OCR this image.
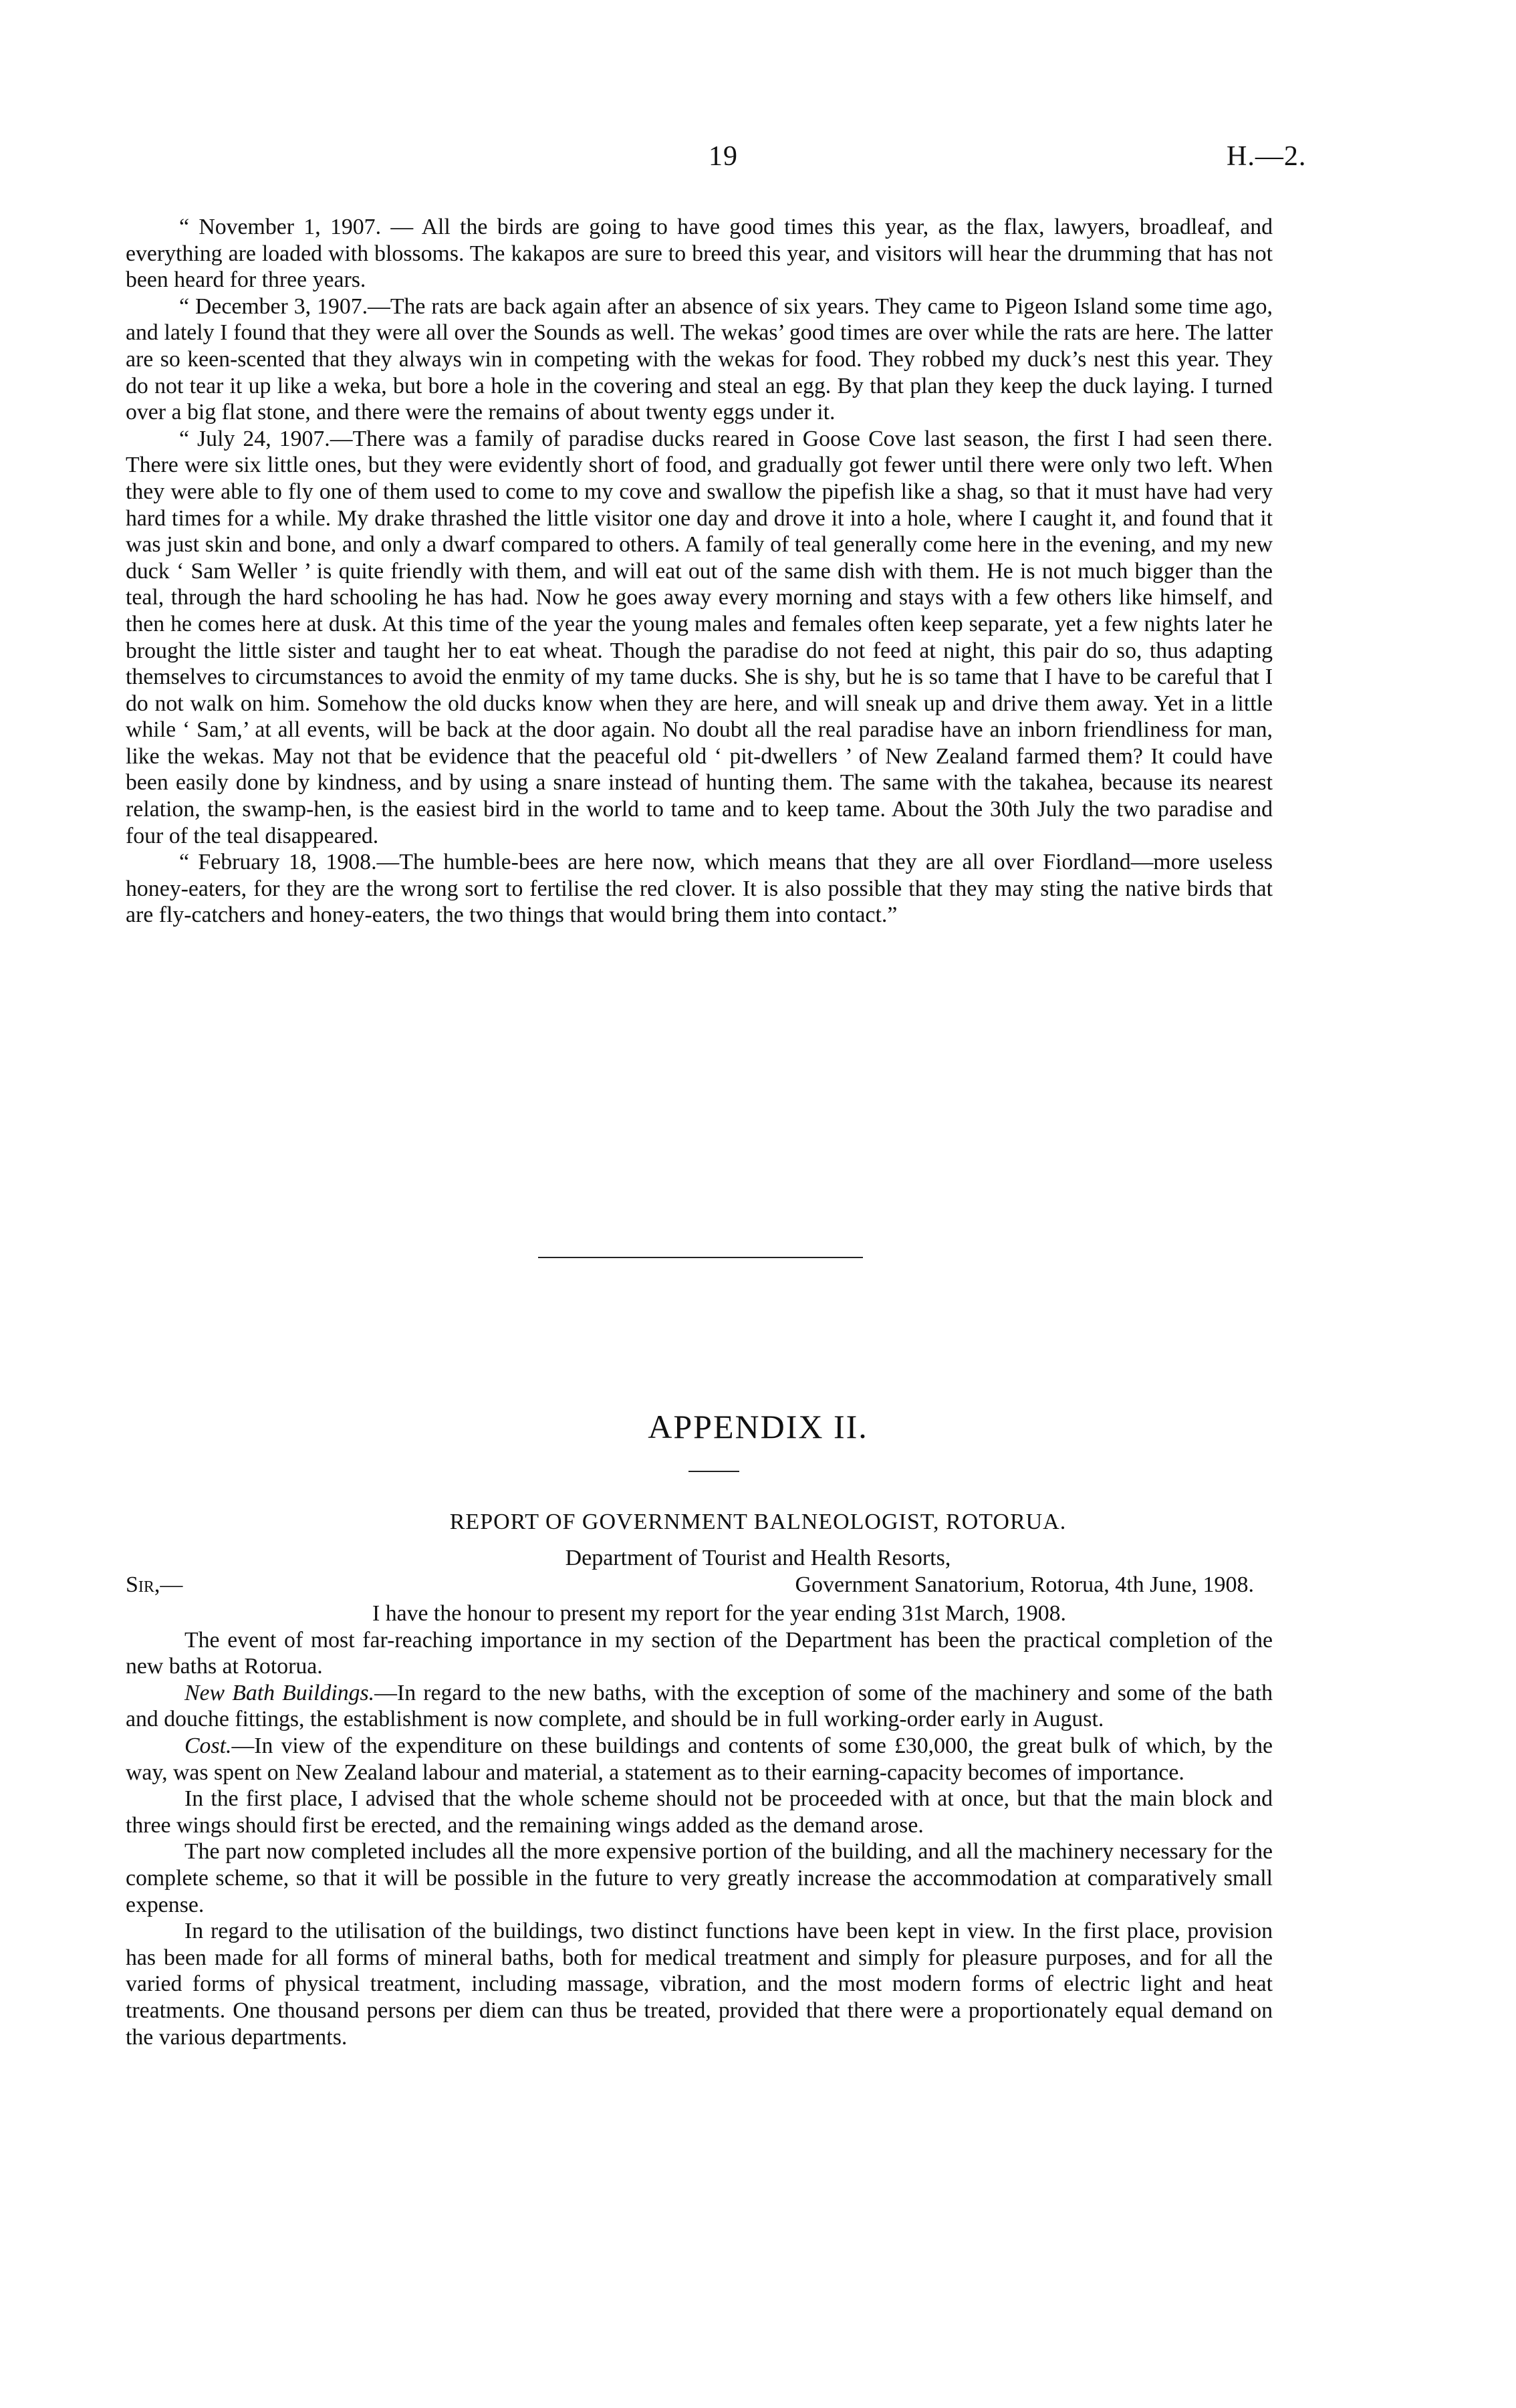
19	H.—2.

“ November 1, 1907. — All the birds are going to have good times this year, as the flax, lawyers, broadleaf, and everything are loaded with blossoms. The kakapos are sure to breed this year, and visitors will hear the drumming that has not been heard for three years.

“ December 3, 1907.—The rats are back again after an absence of six years. They came to Pigeon Island some time ago, and lately I found that they were all over the Sounds as well. The wekas’ good times are over while the rats are here. The latter are so keen-scented that they always win in competing with the wekas for food. They robbed my duck’s nest this year. They do not tear it up like a weka, but bore a hole in the covering and steal an egg. By that plan they keep the duck laying. I turned over a big flat stone, and there were the remains of about twenty eggs under it.

“ July 24, 1907.—There was a family of paradise ducks reared in Goose Cove last season, the first I had seen there. There were six little ones, but they were evidently short of food, and gradually got fewer until there were only two left. When they were able to fly one of them used to come to my cove and swallow the pipefish like a shag, so that it must have had very hard times for a while. My drake thrashed the little visitor one day and drove it into a hole, where I caught it, and found that it was just skin and bone, and only a dwarf compared to others. A family of teal generally come here in the evening, and my new duck ‘ Sam Weller ’ is quite friendly with them, and will eat out of the same dish with them. He is not much bigger than the teal, through the hard schooling he has had. Now he goes away every morning and stays with a few others like himself, and then he comes here at dusk. At this time of the year the young males and females often keep separate, yet a few nights later he brought the little sister and taught her to eat wheat. Though the paradise do not feed at night, this pair do so, thus adapting themselves to circumstances to avoid the enmity of my tame ducks. She is shy, but he is so tame that I have to be careful that I do not walk on him. Somehow the old ducks know when they are here, and will sneak up and drive them away. Yet in a little while ‘ Sam,’ at all events, will be back at the door again. No doubt all the real paradise have an inborn friendliness for man, like the wekas. May not that be evidence that the peaceful old ‘ pit-dwellers ’ of New Zealand farmed them? It could have been easily done by kindness, and by using a snare instead of hunting them. The same with the takahea, because its nearest relation, the swamp-hen, is the easiest bird in the world to tame and to keep tame. About the 30th July the two paradise and four of the teal disappeared.

“ February 18, 1908.—The humble-bees are here now, which means that they are all over Fiordland—more useless honey-eaters, for they are the wrong sort to fertilise the red clover. It is also possible that they may sting the native birds that are fly-catchers and honey-eaters, the two things that would bring them into contact.”

APPENDIX II.
REPORT OF GOVERNMENT BALNEOLOGIST, ROTORUA.
Department of Tourist and Health Resorts,
Sir,—	Government Sanatorium, Rotorua, 4th June, 1908.

I have the honour to present my report for the year ending 31st March, 1908.

The event of most far-reaching importance in my section of the Department has been the practical completion of the new baths at Rotorua.

New Bath Buildings.—In regard to the new baths, with the exception of some of the machinery and some of the bath and douche fittings, the establishment is now complete, and should be in full working-order early in August.

Cost.—In view of the expenditure on these buildings and contents of some £30,000, the great bulk of which, by the way, was spent on New Zealand labour and material, a statement as to their earning-capacity becomes of importance.

In the first place, I advised that the whole scheme should not be proceeded with at once, but that the main block and three wings should first be erected, and the remaining wings added as the demand arose.

The part now completed includes all the more expensive portion of the building, and all the machinery necessary for the complete scheme, so that it will be possible in the future to very greatly increase the accommodation at comparatively small expense.

In regard to the utilisation of the buildings, two distinct functions have been kept in view. In the first place, provision has been made for all forms of mineral baths, both for medical treatment and simply for pleasure purposes, and for all the varied forms of physical treatment, including massage, vibration, and the most modern forms of electric light and heat treatments. One thousand persons per diem can thus be treated, provided that there were a proportionately equal demand on the various departments.
